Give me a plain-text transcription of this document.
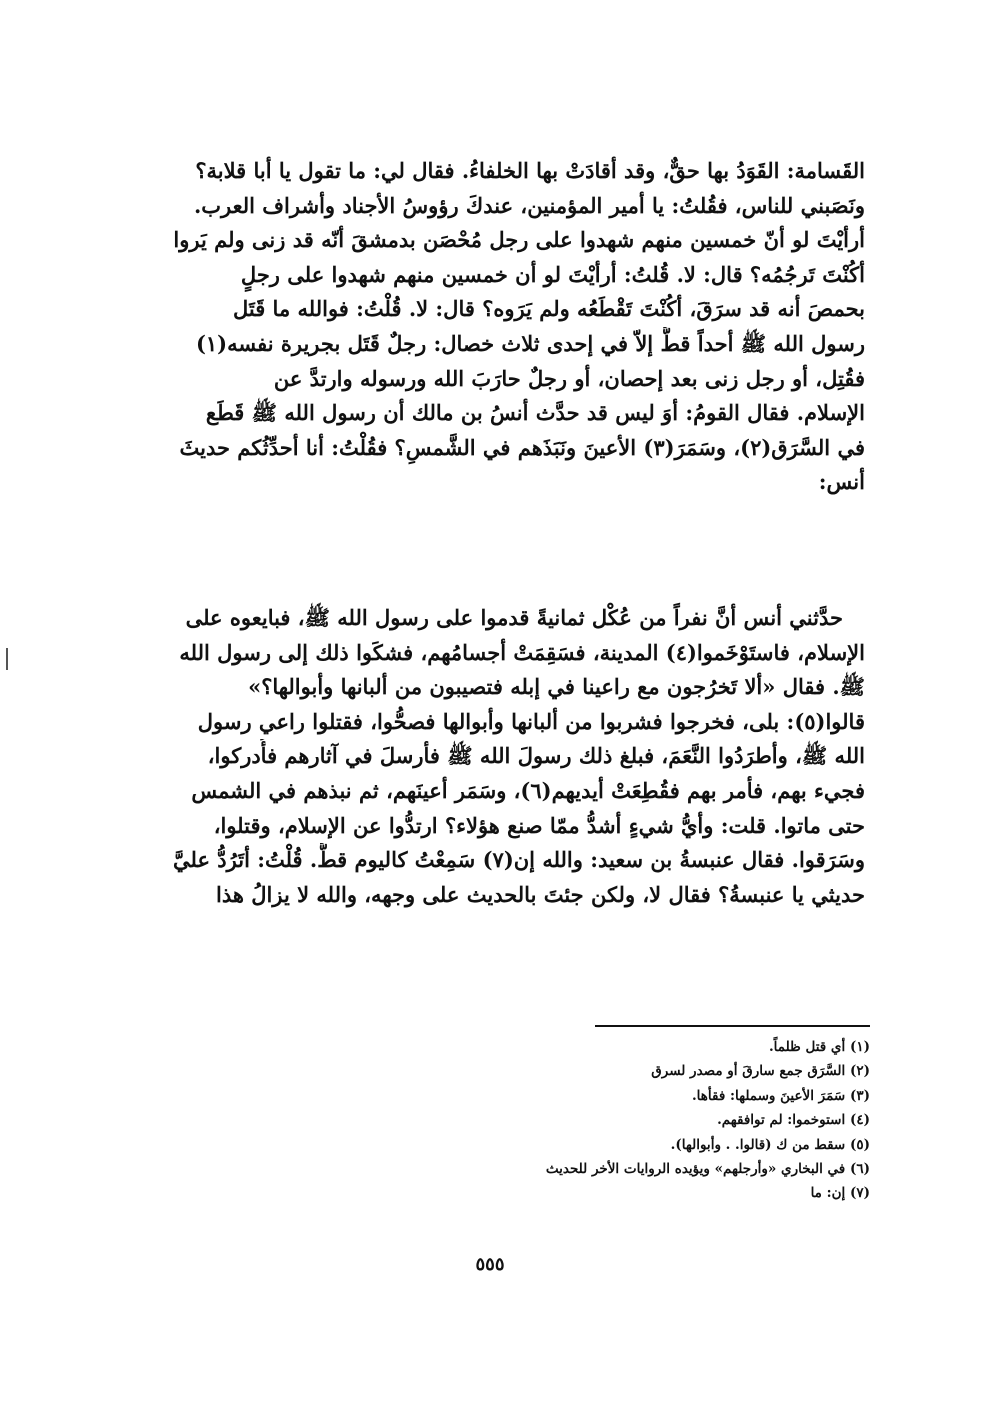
القَسامة: القَوَدُ بها حقٌّ، وقد أقادَتْ بها الخلفاءُ. فقال لي: ما تقول يا أبا قلابة؟
ونَصَبني للناس، فقُلتُ: يا أمير المؤمنين، عندكَ رؤوسُ الأجناد وأشراف العرب.
أرأيْتَ لو أنّ خمسين منهم شهدوا على رجل مُحْصَن بدمشقَ أنّه قد زنى ولم يَروا
أكُنْتَ تَرجُمُه؟ قال: لا. قُلتُ: أرأيْتَ لو أن خمسين منهم شهدوا على رجلٍ
بحمصَ أنه قد سرَقَ، أكُنْتَ تَقْطَعُه ولم يَرَوه؟ قال: لا. قُلْتُ: فوالله ما قَتَل
رسول الله ﷺ أحداً قطُّ إلاّ في إحدى ثلاث خصال: رجلٌ قَتَل بجريرة نفسه(١)
فقُتِل، أو رجل زنى بعد إحصان، أو رجلٌ حارَبَ الله ورسوله وارتدَّ عن
الإسلام. فقال القومُ: أوَ ليس قد حدَّث أنسُ بن مالك أن رسول الله ﷺ قَطَع
في السَّرَق(٢)، وسَمَرَ(٣) الأعينَ ونَبَذَهم في الشَّمسِ؟ فقُلْتُ: أنا أحدِّثُكم حديثَ
أنس:
حدَّثني أنس أنَّ نفراً من عُكْل ثمانيةً قدموا على رسول الله ﷺ، فبايعوه على
الإسلام، فاستَوْخَموا(٤) المدينة، فسَقِمَتْ أجسامُهم، فشكَوا ذلك إلى رسول الله
ﷺ. فقال «ألا تَخرُجون مع راعينا في إبله فتصيبون من ألبانها وأبوالها؟»
قالوا(٥): بلى، فخرجوا فشربوا من ألبانها وأبوالها فصحُّوا، فقتلوا راعي رسول
الله ﷺ، وأطرَدُوا النَّعَمَ، فبلغ ذلك رسولَ الله ﷺ فأرسلَ في آثارهم فأُدركوا،
فجيء بهم، فأمر بهم فقُطِعَتْ أيديهم(٦)، وسَمَر أعينَهم، ثم نبذهم في الشمس
حتى ماتوا. قلت: وأيُّ شيءٍ أشدُّ ممّا صنع هؤلاء؟ ارتدُّوا عن الإسلام، وقتلوا،
وسَرَقوا. فقال عنبسةُ بن سعيد: والله إن(٧) سَمِعْتُ كاليوم قطُّ. قُلْتُ: أتَرُدُّ عليَّ
حديثي يا عنبسةُ؟ فقال لا، ولكن جئتَ بالحديث على وجهه، والله لا يزالُ هذا
(١) أي قتل ظلماً.
(٢) السَّرَق جمع سارقَ أو مصدر لسرق
(٣) سَمَرَ الأعينَ وسملها: فقأها.
(٤) استوخموا: لم توافقهم.
(٥) سقط من ك (قالوا. . وأبوالها).
(٦) في البخاري «وأرجلهم» ويؤيده الروايات الأخر للحديث
(٧) إن: ما
٥٥٥
